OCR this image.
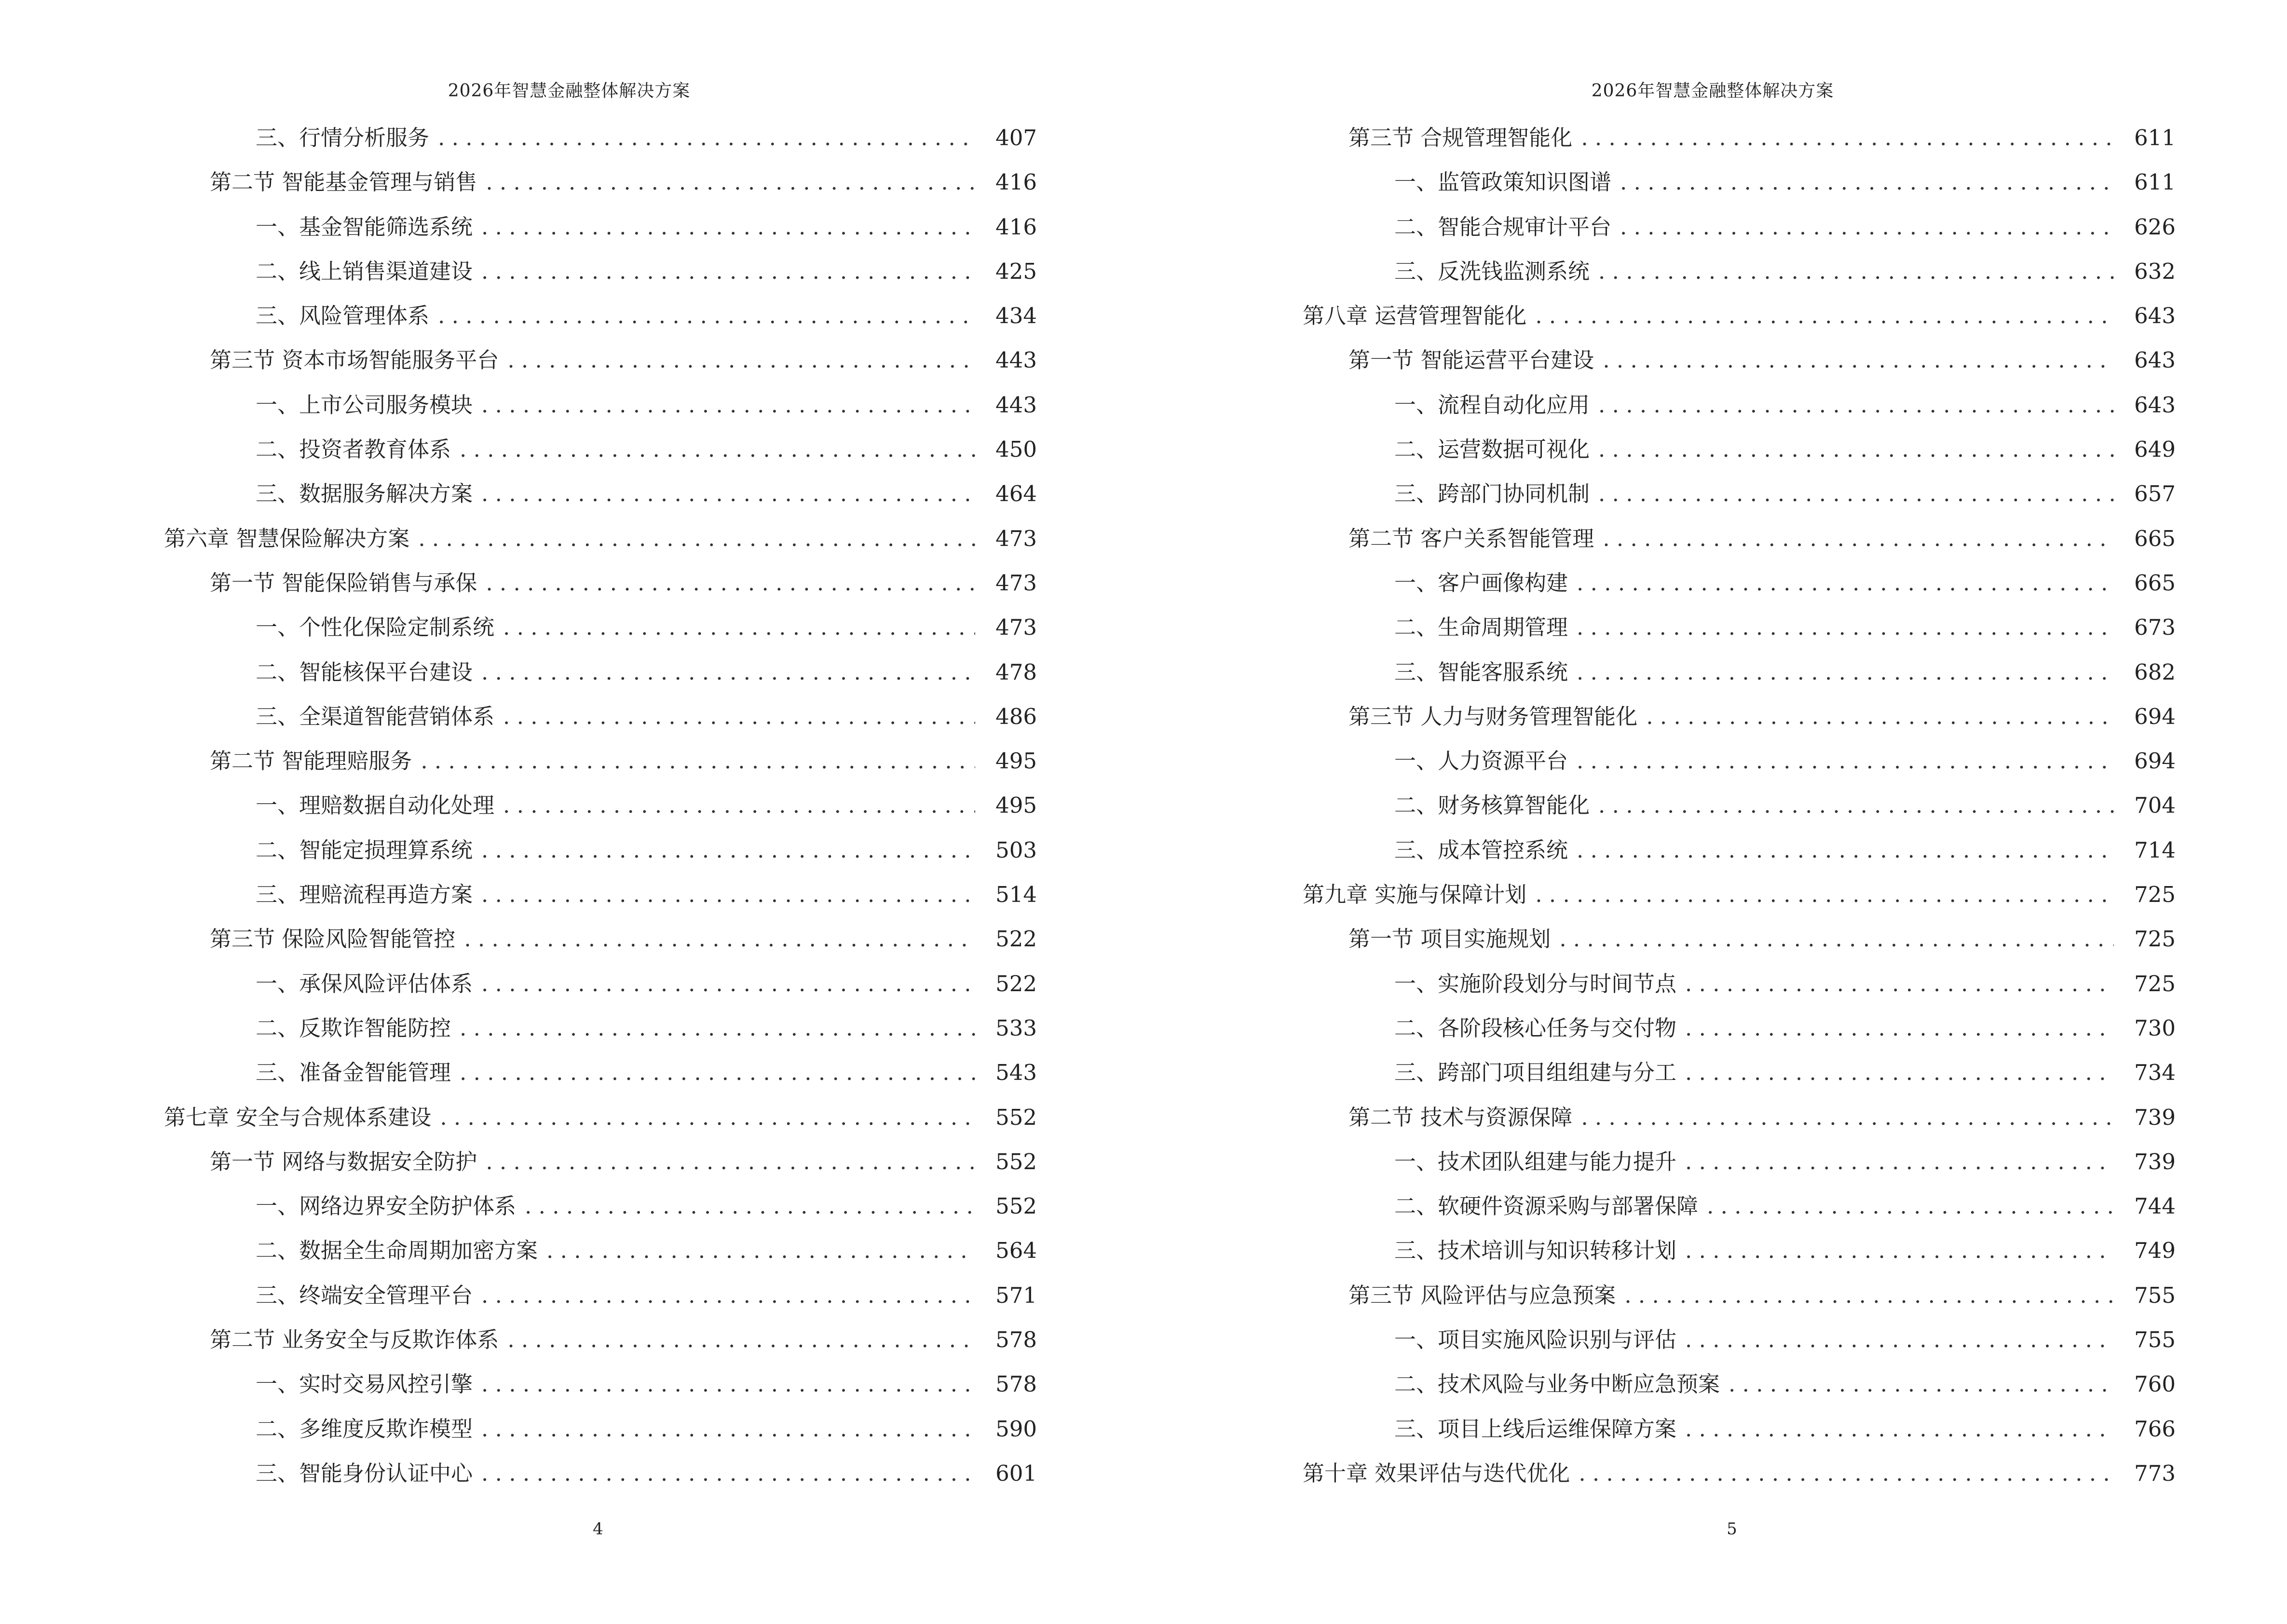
2026年智慧金融整体解决方案
三、行情分析服务 . . .	407
第二节 智能基金管理与销售 . . .	416
一、基金智能筛选系统 . . .	416
二、线上销售渠道建设 . . .	425
三、风险管理体系 . . .	434
第三节 资本市场智能服务平台 . . .	443
一、上市公司服务模块 . . .	443
二、投资者教育体系 . . .	450
三、数据服务解决方案 . . .	464
第六章 智慧保险解决方案 . . .	473
第一节 智能保险销售与承保 . . .	473
一、个性化保险定制系统 . . .	473
二、智能核保平台建设 . . .	478
三、全渠道智能营销体系 . . .	486
第二节 智能理赔服务 . . .	495
一、理赔数据自动化处理 . . .	495
二、智能定损理算系统 . . .	503
三、理赔流程再造方案 . . .	514
第三节 保险风险智能管控 . . .	522
一、承保风险评估体系 . . .	522
二、反欺诈智能防控 . . .	533
三、准备金智能管理 . . .	543
第七章 安全与合规体系建设 . . .	552
第一节 网络与数据安全防护 . . .	552
一、网络边界安全防护体系 . . .	552
二、数据全生命周期加密方案 . . .	564
三、终端安全管理平台 . . .	571
第二节 业务安全与反欺诈体系 . . .	578
一、实时交易风控引擎 . . .	578
二、多维度反欺诈模型 . . .	590
三、智能身份认证中心 . . .	601
4
2026年智慧金融整体解决方案
第三节 合规管理智能化 . . .	611
一、监管政策知识图谱 . . .	611
二、智能合规审计平台 . . .	626
三、反洗钱监测系统 . . .	632
第八章 运营管理智能化 . . .	643
第一节 智能运营平台建设 . . .	643
一、流程自动化应用 . . .	643
二、运营数据可视化 . . .	649
三、跨部门协同机制 . . .	657
第二节 客户关系智能管理 . . .	665
一、客户画像构建 . . .	665
二、生命周期管理 . . .	673
三、智能客服系统 . . .	682
第三节 人力与财务管理智能化 . . .	694
一、人力资源平台 . . .	694
二、财务核算智能化 . . .	704
三、成本管控系统 . . .	714
第九章 实施与保障计划 . . .	725
第一节 项目实施规划 . . .	725
一、实施阶段划分与时间节点 . . .	725
二、各阶段核心任务与交付物 . . .	730
三、跨部门项目组组建与分工 . . .	734
第二节 技术与资源保障 . . .	739
一、技术团队组建与能力提升 . . .	739
二、软硬件资源采购与部署保障 . . .	744
三、技术培训与知识转移计划 . . .	749
第三节 风险评估与应急预案 . . .	755
一、项目实施风险识别与评估 . . .	755
二、技术风险与业务中断应急预案 . . .	760
三、项目上线后运维保障方案 . . .	766
第十章 效果评估与迭代优化 . . .	773
5
